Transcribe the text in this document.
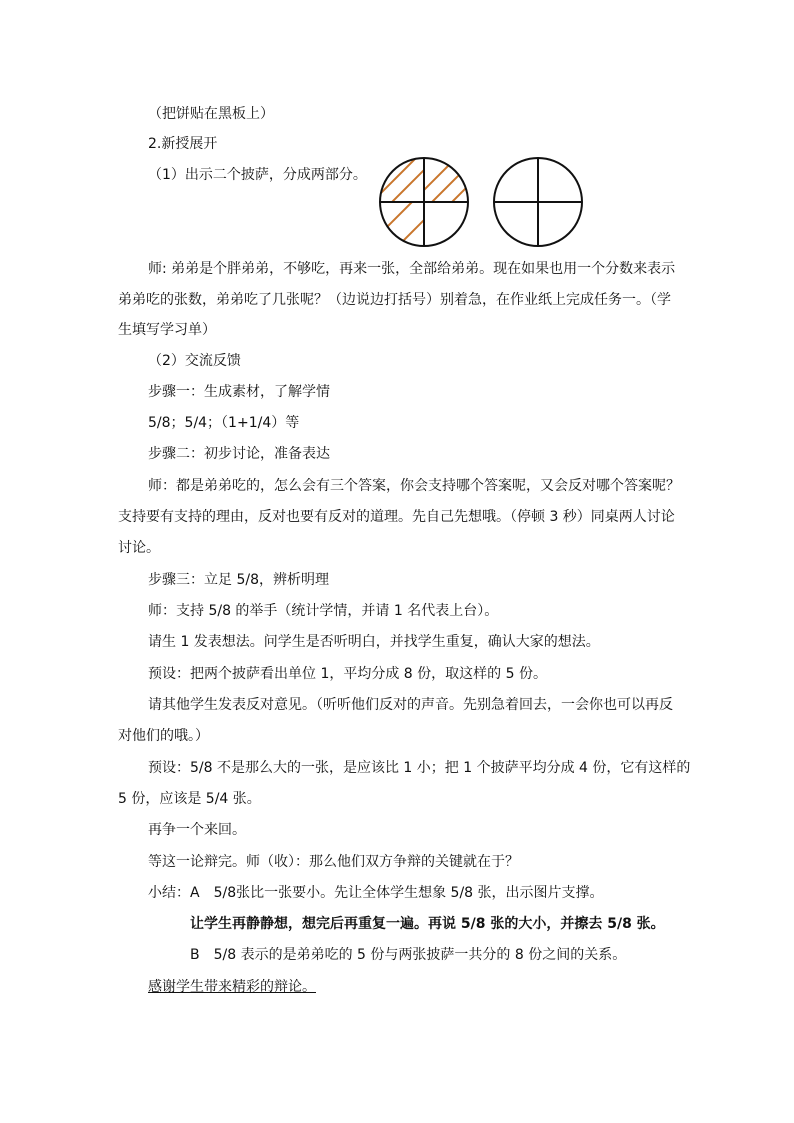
（把饼贴在黑板上）
2.新授展开
（1）出示二个披萨，分成两部分。
师: 弟弟是个胖弟弟，不够吃，再来一张，全部给弟弟。现在如果也用一个分数来表示
弟弟吃的张数，弟弟吃了几张呢？（边说边打括号）别着急，在作业纸上完成任务一。（学
生填写学习单）
（2）交流反馈
步骤一：生成素材，了解学情
5/8；5/4；（1+1/4）等
步骤二：初步讨论，准备表达
师：都是弟弟吃的，怎么会有三个答案，你会支持哪个答案呢，又会反对哪个答案呢？
支持要有支持的理由，反对也要有反对的道理。先自己先想哦。（停顿 3 秒）同桌两人讨论
讨论。
步骤三：立足 5/8，辨析明理
师：支持 5/8 的举手（统计学情，并请 1 名代表上台）。
请生 1 发表想法。问学生是否听明白，并找学生重复，确认大家的想法。
预设：把两个披萨看出单位 1，平均分成 8 份，取这样的 5 份。
请其他学生发表反对意见。（听听他们反对的声音。先别急着回去，一会你也可以再反
对他们的哦。）
预设：5/8 不是那么大的一张，是应该比 1 小；把 1 个披萨平均分成 4 份，它有这样的
5 份，应该是 5/4 张。
再争一个来回。
等这一论辩完。师（收）：那么他们双方争辩的关键就在于？
小结：A　5/8张比一张要小。先让全体学生想象 5/8 张，出示图片支撑。
让学生再静静想，想完后再重复一遍。再说 5/8 张的大小，并擦去 5/8 张。
B　5/8 表示的是弟弟吃的 5 份与两张披萨一共分的 8 份之间的关系。
感谢学生带来精彩的辩论。
